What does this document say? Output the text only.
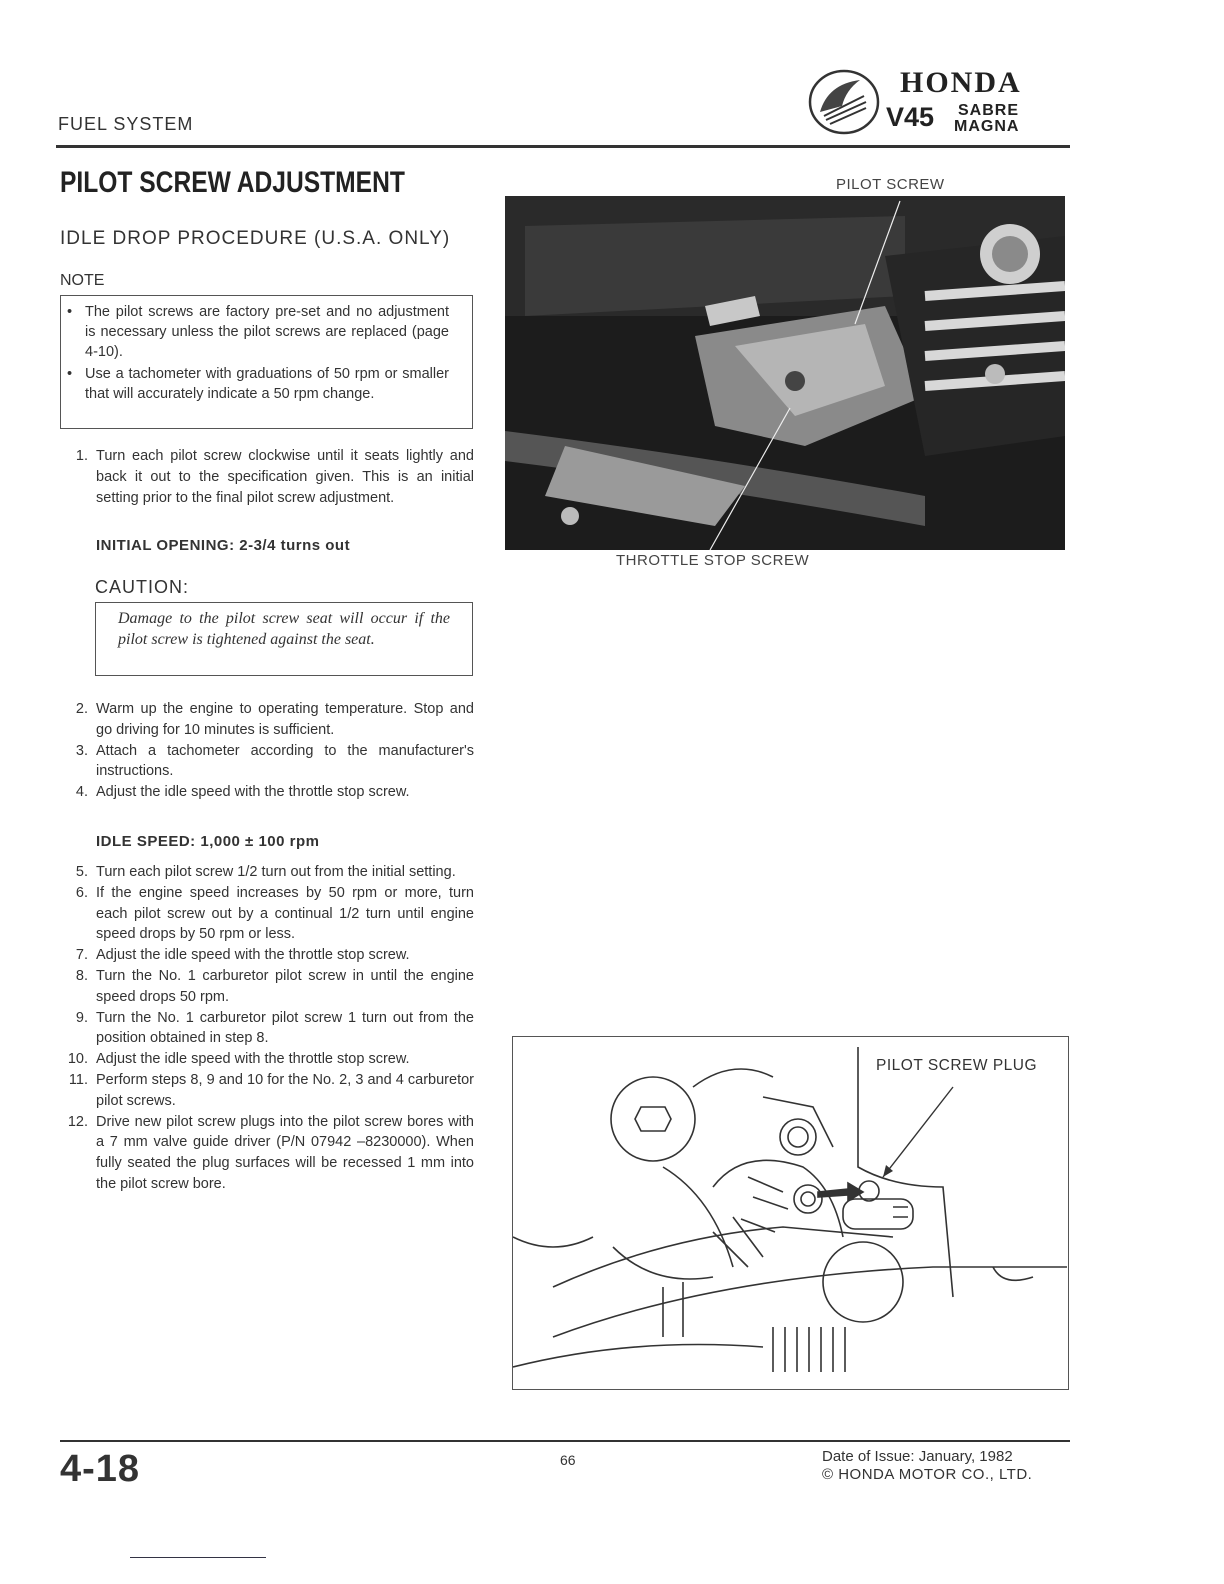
FUEL SYSTEM
HONDA
V45 SABRE
MAGNA
PILOT SCREW ADJUSTMENT
IDLE DROP PROCEDURE (U.S.A. ONLY)
NOTE
• The pilot screws are factory pre-set and no adjustment is necessary unless the pilot screws are replaced (page 4-10).
• Use a tachometer with graduations of 50 rpm or smaller that will accurately indicate a 50 rpm change.
1. Turn each pilot screw clockwise until it seats lightly and back it out to the specification given. This is an initial setting prior to the final pilot screw adjustment.
INITIAL OPENING: 2-3/4 turns out
CAUTION:
Damage to the pilot screw seat will occur if the pilot screw is tightened against the seat.
2. Warm up the engine to operating temperature. Stop and go driving for 10 minutes is sufficient.
3. Attach a tachometer according to the manufacturer's instructions.
4. Adjust the idle speed with the throttle stop screw.
IDLE SPEED: 1,000 ± 100 rpm
5. Turn each pilot screw 1/2 turn out from the initial setting.
6. If the engine speed increases by 50 rpm or more, turn each pilot screw out by a continual 1/2 turn until engine speed drops by 50 rpm or less.
7. Adjust the idle speed with the throttle stop screw.
8. Turn the No. 1 carburetor pilot screw in until the engine speed drops 50 rpm.
9. Turn the No. 1 carburetor pilot screw 1 turn out from the position obtained in step 8.
10. Adjust the idle speed with the throttle stop screw.
11. Perform steps 8, 9 and 10 for the No. 2, 3 and 4 carburetor pilot screws.
12. Drive new pilot screw plugs into the pilot screw bores with a 7 mm valve guide driver (P/N 07942 –8230000). When fully seated the plug surfaces will be recessed 1 mm into the pilot screw bore.
PILOT SCREW
THROTTLE STOP SCREW
PILOT SCREW PLUG
4-18	66	Date of Issue: January, 1982
© HONDA MOTOR CO., LTD.
